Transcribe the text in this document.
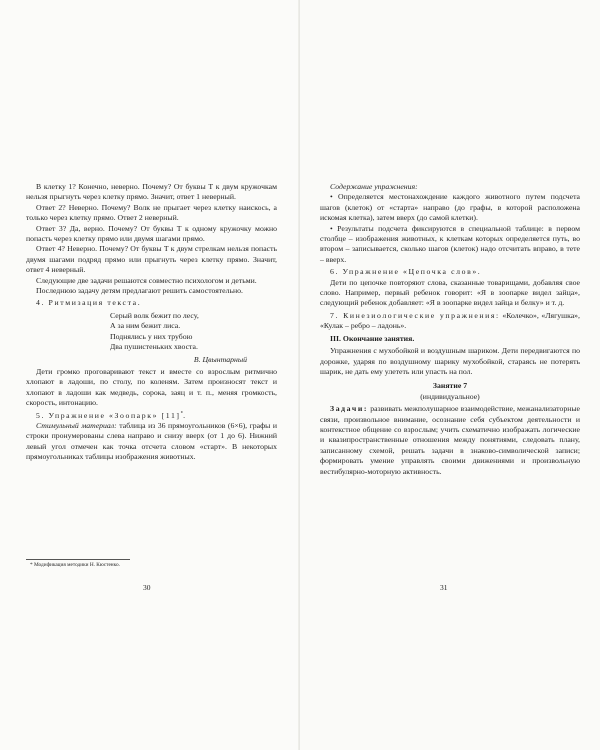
В клетку 1? Конечно, неверно. Почему? От буквы Т к двум кружочкам нельзя прыгнуть через клетку прямо. Значит, ответ 1 неверный.

Ответ 2? Неверно. Почему? Волк не прыгает через клетку наискось, а только через клетку прямо. Ответ 2 неверный.

Ответ 3? Да, верно. Почему? От буквы Т к одному кружочку можно попасть через клетку прямо или двумя шагами прямо.

Ответ 4? Неверно. Почему? От буквы Т к двум стрелкам нельзя попасть двумя шагами подряд прямо или прыгнуть через клетку прямо. Значит, ответ 4 неверный.

Следующие две задачи решаются совместно психологом и детьми.

Последнюю задачу детям предлагают решить самостоятельно.

4. Ритмизация текста.

Серый волк бежит по лесу,
А за ним бежит лиса.
Поднялись у них трубою
Два пушистеньких хвоста.
В. Цвынтарный

Дети громко проговаривают текст и вместе со взрослым ритмично хлопают в ладоши, по столу, по коленям. Затем произносят текст и хлопают в ладоши как медведь, сорока, заяц и т. п., меняя громкость, скорость, интонацию.

5. Упражнение «Зоопарк» [11]*.

Стимульный материал: таблица из 36 прямоугольников (6×6), графы и строки пронумерованы слева направо и снизу вверх (от 1 до 6). Нижний левый угол отмечен как точка отсчета словом «старт». В некоторых прямоугольниках таблицы изображения животных.

* Модификация методики Н. Кюстенко.
30

Содержание упражнения:

• Определяется местонахождение каждого животного путем подсчета шагов (клеток) от «старта» направо (до графы, в которой расположена искомая клетка), затем вверх (до самой клетки).

• Результаты подсчета фиксируются в специальной таблице: в первом столбце – изображения животных, к клеткам которых определяется путь, во втором – записывается, сколько шагов (клеток) надо отсчитать вправо, в тете – вверх.

6. Упражнение «Цепочка слов».

Дети по цепочке повторяют слова, сказанные товарищами, добавляя свое слово. Например, первый ребенок говорит: «Я в зоопарке видел зайца», следующий ребенок добавляет: «Я в зоопарке видел зайца и белку» и т. д.

7. Кинезиологические упражнения: «Колечко», «Лягушка», «Кулак – ребро – ладонь».

III. Окончание занятия.

Упражнения с мухобойкой и воздушным шариком. Дети передвигаются по дорожке, ударяя по воздушному шарику мухобойкой, стараясь не потерять шарик, не дать ему улететь или упасть на пол.

Занятие 7

(индивидуальное)

Задачи: развивать межполушарное взаимодействие, межанализаторные связи, произвольное внимание, осознание себя субъектом деятельности и контекстное общение со взрослым; учить схематично изображать логические и квазипространственные отношения между понятиями, следовать плану, записанному схемой, решать задачи в знаково-символической записи; формировать умение управлять своими движениями и произвольную вестибулярно-моторную активность.

31
